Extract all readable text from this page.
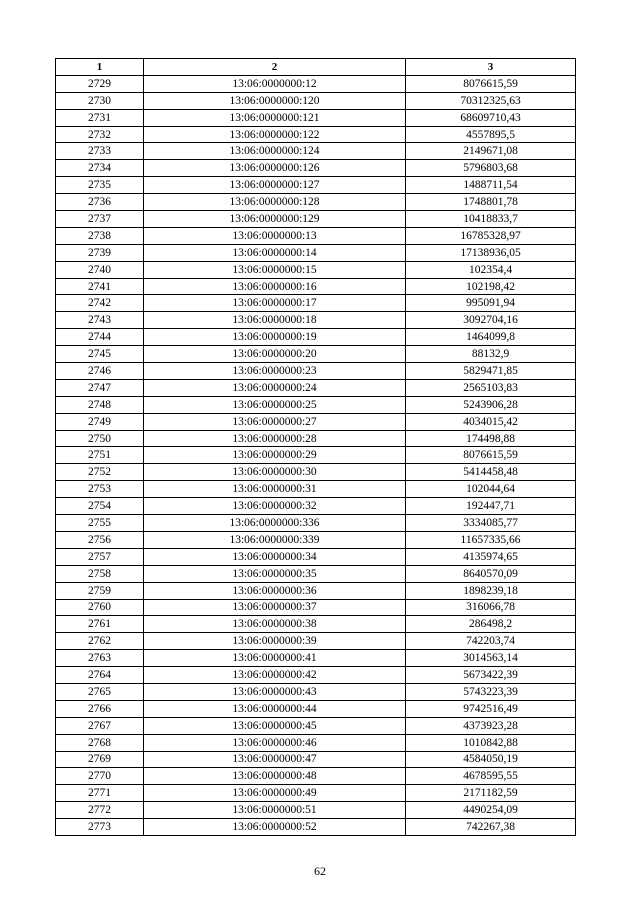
1	2	3
2729	13:06:0000000:12	8076615,59
2730	13:06:0000000:120	70312325,63
2731	13:06:0000000:121	68609710,43
2732	13:06:0000000:122	4557895,5
2733	13:06:0000000:124	2149671,08
2734	13:06:0000000:126	5796803,68
2735	13:06:0000000:127	1488711,54
2736	13:06:0000000:128	1748801,78
2737	13:06:0000000:129	10418833,7
2738	13:06:0000000:13	16785328,97
2739	13:06:0000000:14	17138936,05
2740	13:06:0000000:15	102354,4
2741	13:06:0000000:16	102198,42
2742	13:06:0000000:17	995091,94
2743	13:06:0000000:18	3092704,16
2744	13:06:0000000:19	1464099,8
2745	13:06:0000000:20	88132,9
2746	13:06:0000000:23	5829471,85
2747	13:06:0000000:24	2565103,83
2748	13:06:0000000:25	5243906,28
2749	13:06:0000000:27	4034015,42
2750	13:06:0000000:28	174498,88
2751	13:06:0000000:29	8076615,59
2752	13:06:0000000:30	5414458,48
2753	13:06:0000000:31	102044,64
2754	13:06:0000000:32	192447,71
2755	13:06:0000000:336	3334085,77
2756	13:06:0000000:339	11657335,66
2757	13:06:0000000:34	4135974,65
2758	13:06:0000000:35	8640570,09
2759	13:06:0000000:36	1898239,18
2760	13:06:0000000:37	316066,78
2761	13:06:0000000:38	286498,2
2762	13:06:0000000:39	742203,74
2763	13:06:0000000:41	3014563,14
2764	13:06:0000000:42	5673422,39
2765	13:06:0000000:43	5743223,39
2766	13:06:0000000:44	9742516,49
2767	13:06:0000000:45	4373923,28
2768	13:06:0000000:46	1010842,88
2769	13:06:0000000:47	4584050,19
2770	13:06:0000000:48	4678595,55
2771	13:06:0000000:49	2171182,59
2772	13:06:0000000:51	4490254,09
2773	13:06:0000000:52	742267,38
62
